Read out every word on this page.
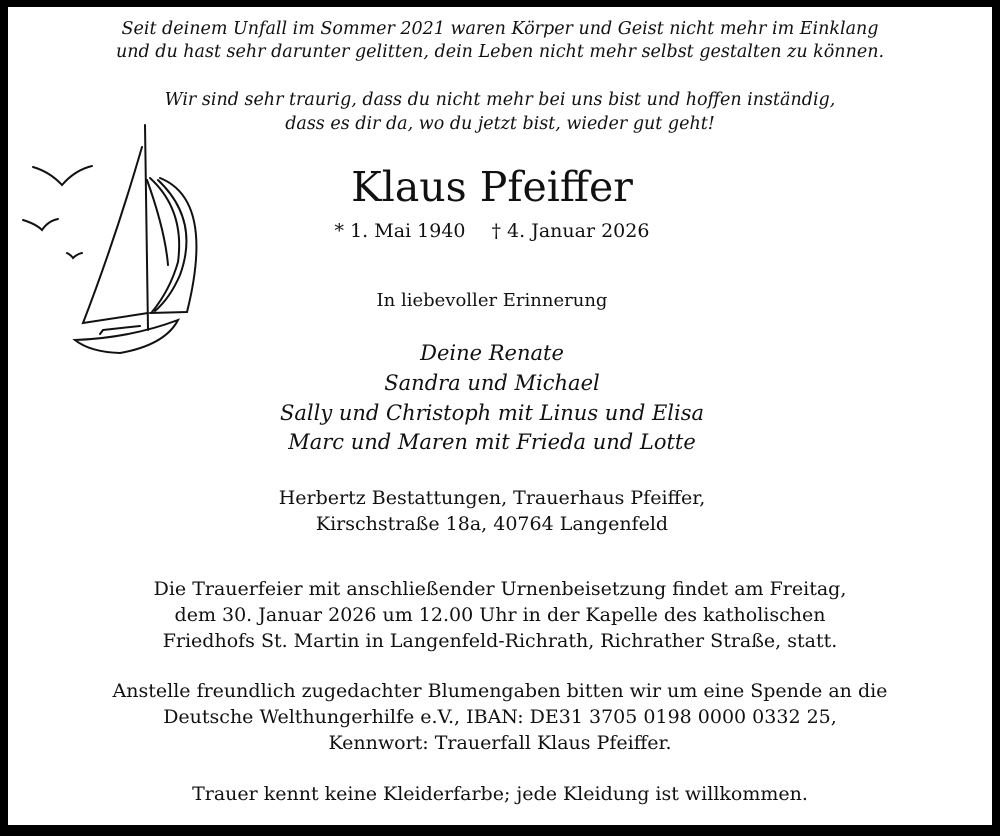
Seit deinem Unfall im Sommer 2021 waren Körper und Geist nicht mehr im Einklang
und du hast sehr darunter gelitten, dein Leben nicht mehr selbst gestalten zu können.
Wir sind sehr traurig, dass du nicht mehr bei uns bist und hoffen inständig,
dass es dir da, wo du jetzt bist, wieder gut geht!
Klaus Pfeiffer
* 1. Mai 1940 † 4. Januar 2026
In liebevoller Erinnerung
Deine Renate
Sandra und Michael
Sally und Christoph mit Linus und Elisa
Marc und Maren mit Frieda und Lotte
Herbertz Bestattungen, Trauerhaus Pfeiffer,
Kirschstraße 18a, 40764 Langenfeld
Die Trauerfeier mit anschließender Urnenbeisetzung findet am Freitag,
dem 30. Januar 2026 um 12.00 Uhr in der Kapelle des katholischen
Friedhofs St. Martin in Langenfeld-Richrath, Richrather Straße, statt.
Anstelle freundlich zugedachter Blumengaben bitten wir um eine Spende an die
Deutsche Welthungerhilfe e.V., IBAN: DE31 3705 0198 0000 0332 25,
Kennwort: Trauerfall Klaus Pfeiffer.
Trauer kennt keine Kleiderfarbe; jede Kleidung ist willkommen.
